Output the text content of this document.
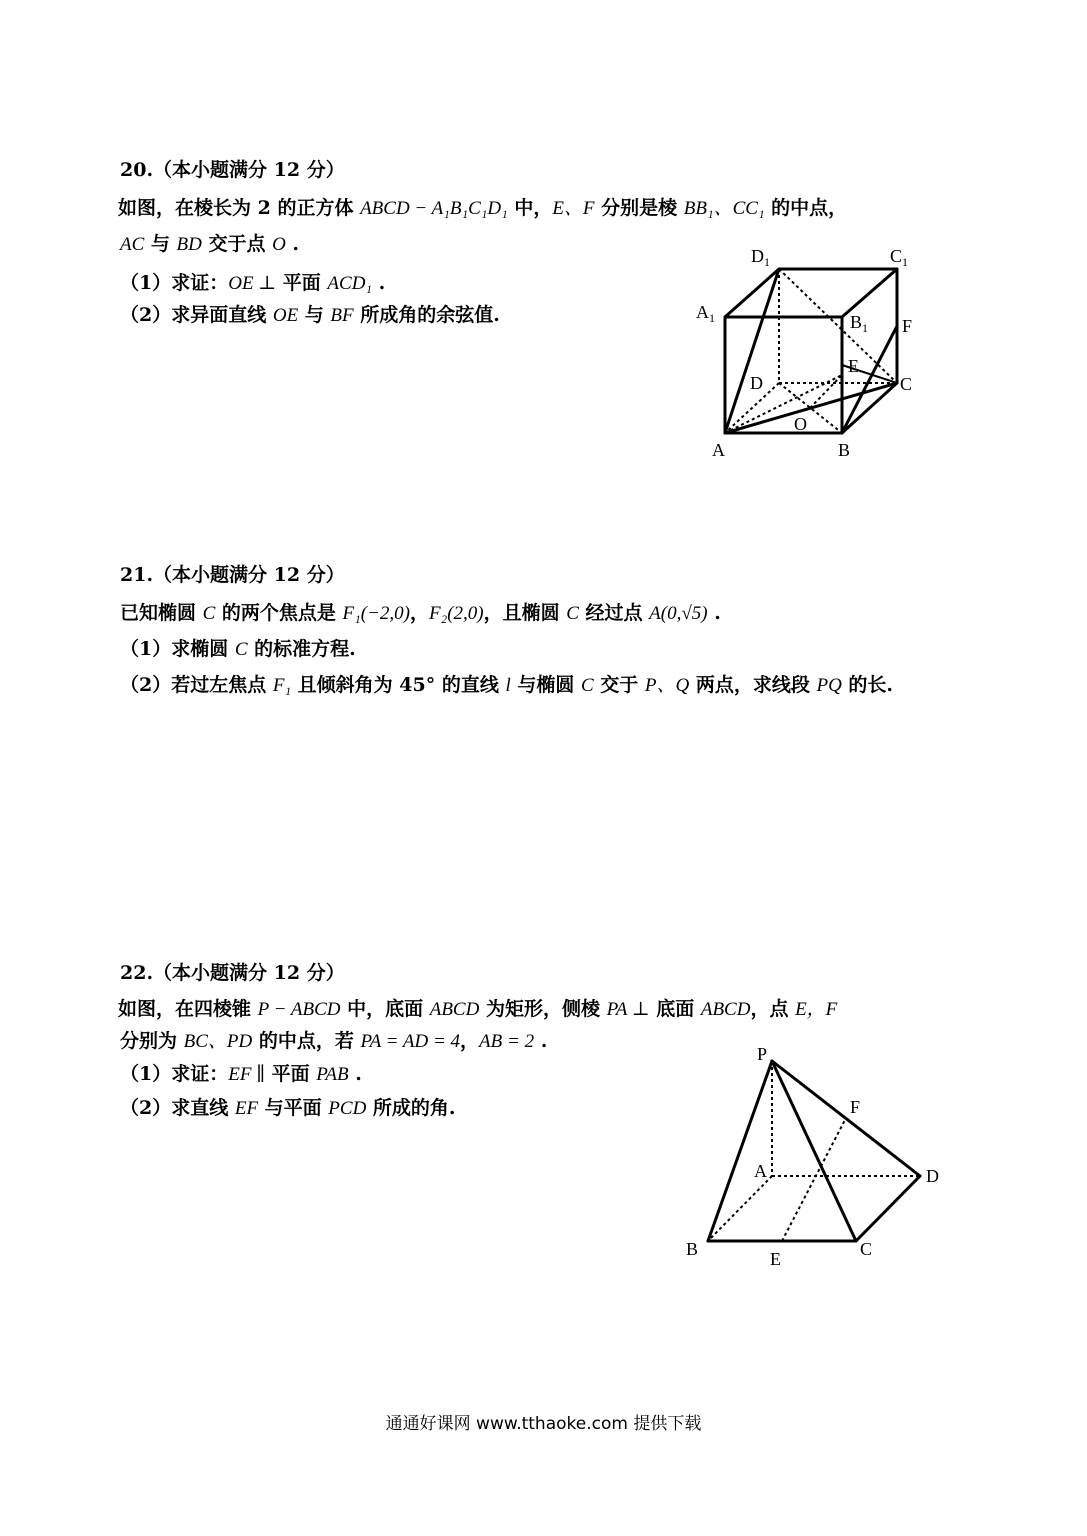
20.（本小题满分 12 分）
如图，在棱长为 2 的正方体 ABCD − A₁B₁C₁D₁ 中，E、F 分别是棱 BB₁、CC₁ 的中点，
AC 与 BD 交于点 O .
（1）求证：OE ⊥ 平面 ACD₁ .
（2）求异面直线 OE 与 BF 所成角的余弦值.
$D_1$	$C_1$
$A_1$	$B_1$ F
E
D	C
O
A	B
21.（本小题满分 12 分）
已知椭圆 C 的两个焦点是 F₁(−2,0)，F₂(2,0)，且椭圆 C 经过点 A(0,√5) .
（1）求椭圆 C 的标准方程.
（2）若过左焦点 F₁ 且倾斜角为 45° 的直线 l 与椭圆 C 交于 P、Q 两点，求线段 PQ 的长.
22.（本小题满分 12 分）
如图，在四棱锥 P − ABCD 中，底面 ABCD 为矩形，侧棱 PA ⊥ 底面 ABCD，点 E，F
分别为 BC、PD 的中点，若 PA = AD = 4，AB = 2 .
（1）求证：EF ∥ 平面 PAB .
（2）求直线 EF 与平面 PCD 所成的角.
P
F
A	D
B	E	C
通通好课网 www.tthaoke.com 提供下载
